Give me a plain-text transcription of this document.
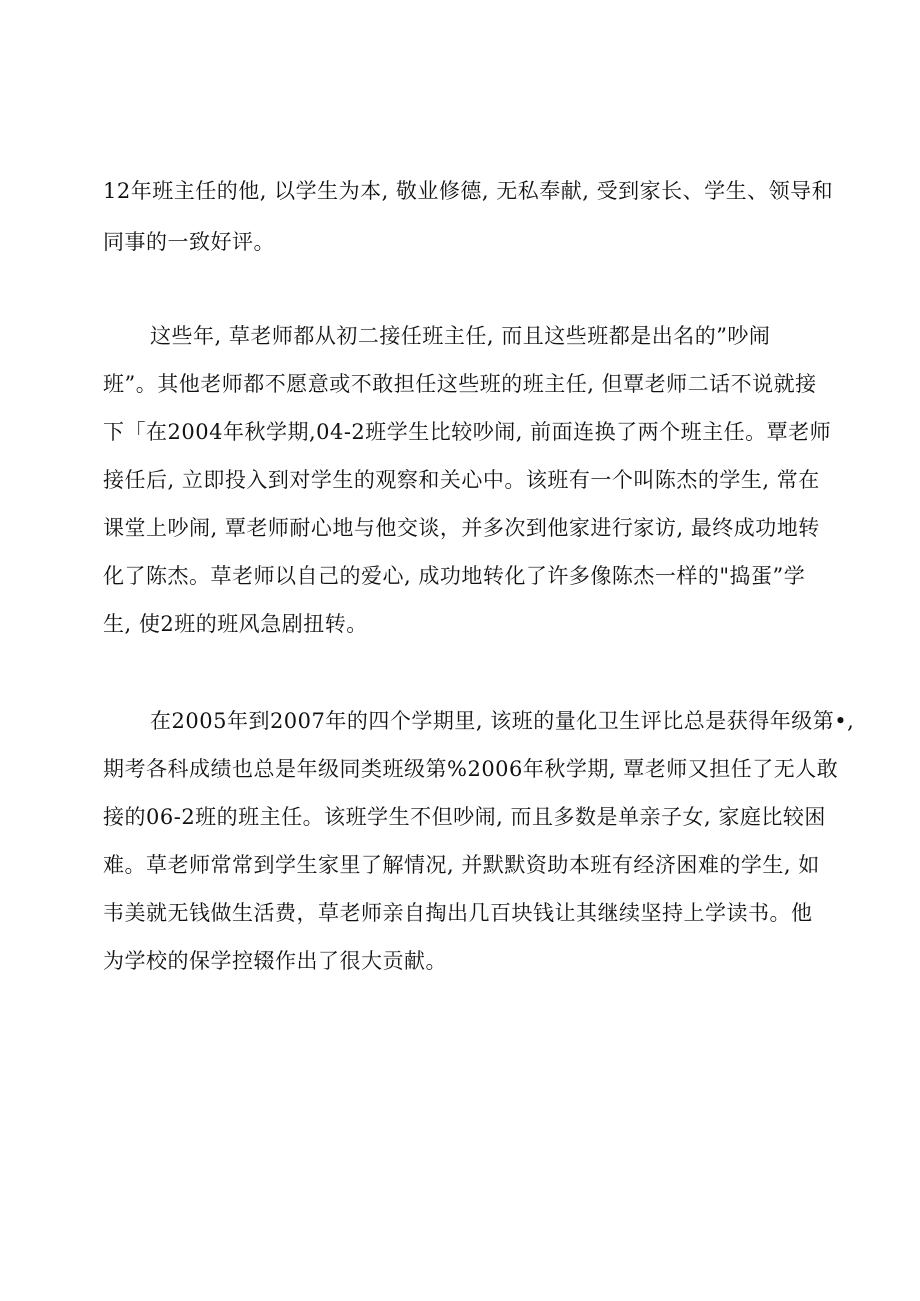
12年班主任的他, 以学生为本, 敬业修德, 无私奉献, 受到家长、学生、领导和
同事的一致好评。
这些年, 草老师都从初二接任班主任, 而且这些班都是出名的”吵闹
班”。其他老师都不愿意或不敢担任这些班的班主任, 但覃老师二话不说就接
下「在2004年秋学期,04-2班学生比较吵闹, 前面连换了两个班主任。覃老师
接任后, 立即投入到对学生的观察和关心中。该班有一个叫陈杰的学生, 常在
课堂上吵闹, 覃老师耐心地与他交谈，并多次到他家进行家访, 最终成功地转
化了陈杰。草老师以自己的爱心, 成功地转化了许多像陈杰一样的"捣蛋”学
生, 使2班的班风急剧扭转。
在2005年到2007年的四个学期里, 该班的量化卫生评比总是获得年级第•,
期考各科成绩也总是年级同类班级第%2006年秋学期, 覃老师又担任了无人敢
接的06-2班的班主任。该班学生不但吵闹, 而且多数是单亲子女, 家庭比较困
难。草老师常常到学生家里了解情况, 并默默资助本班有经济困难的学生, 如
韦美就无钱做生活费，草老师亲自掏出几百块钱让其继续坚持上学读书。他
为学校的保学控辍作出了很大贡献。
